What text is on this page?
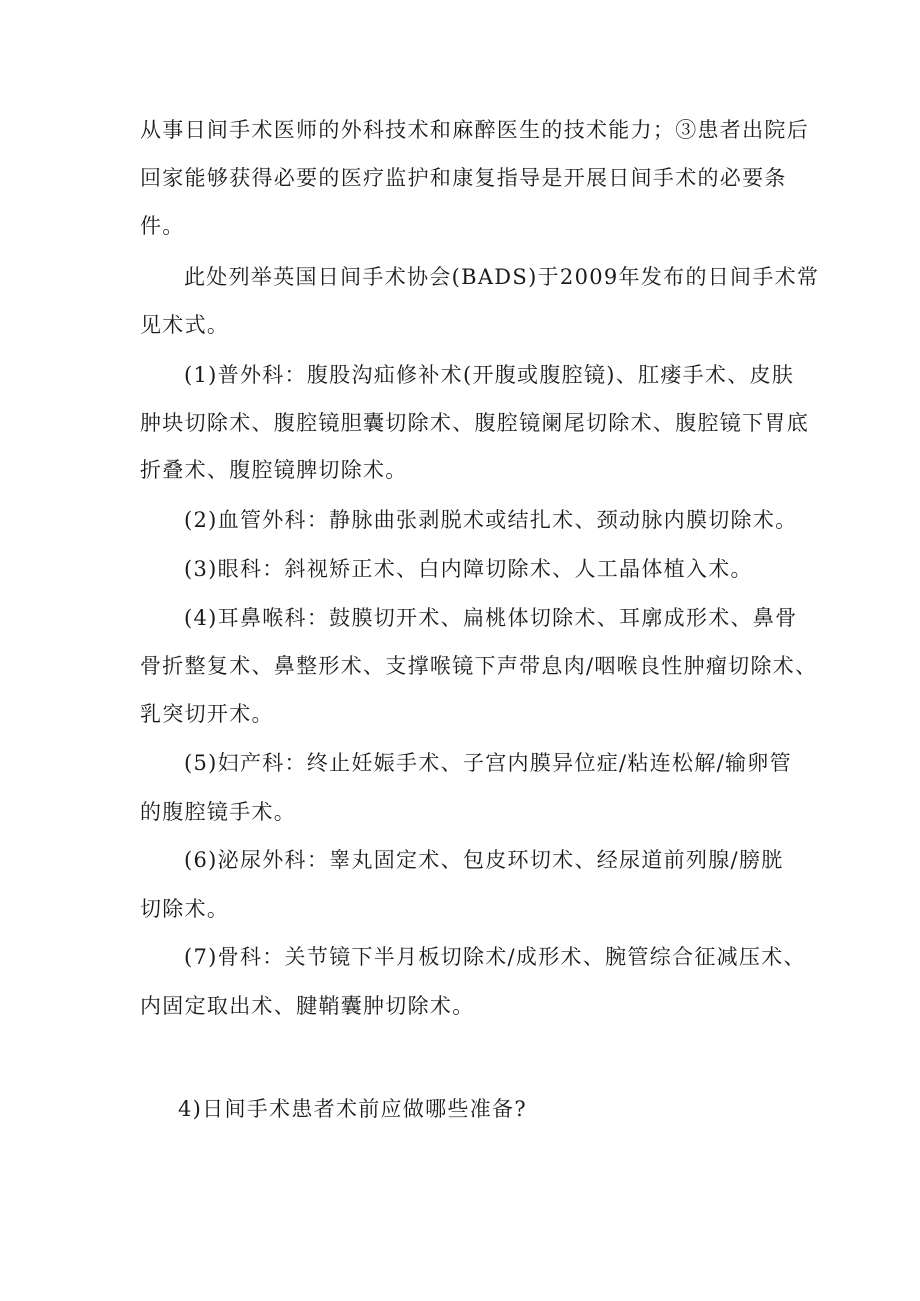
从事日间手术医师的外科技术和麻醉医生的技术能力；③患者出院后
回家能够获得必要的医疗监护和康复指导是开展日间手术的必要条
件。
此处列举英国日间手术协会(BADS)于2009年发布的日间手术常
见术式。
(1)普外科：腹股沟疝修补术(开腹或腹腔镜)、肛瘘手术、皮肤
肿块切除术、腹腔镜胆囊切除术、腹腔镜阑尾切除术、腹腔镜下胃底
折叠术、腹腔镜脾切除术。
(2)血管外科：静脉曲张剥脱术或结扎术、颈动脉内膜切除术。
(3)眼科：斜视矫正术、白内障切除术、人工晶体植入术。
(4)耳鼻喉科：鼓膜切开术、扁桃体切除术、耳廓成形术、鼻骨
骨折整复术、鼻整形术、支撑喉镜下声带息肉/咽喉良性肿瘤切除术、
乳突切开术。
(5)妇产科：终止妊娠手术、子宫内膜异位症/粘连松解/输卵管
的腹腔镜手术。
(6)泌尿外科：睾丸固定术、包皮环切术、经尿道前列腺/膀胱
切除术。
(7)骨科：关节镜下半月板切除术/成形术、腕管综合征减压术、
内固定取出术、腱鞘囊肿切除术。
4)日间手术患者术前应做哪些准备?
